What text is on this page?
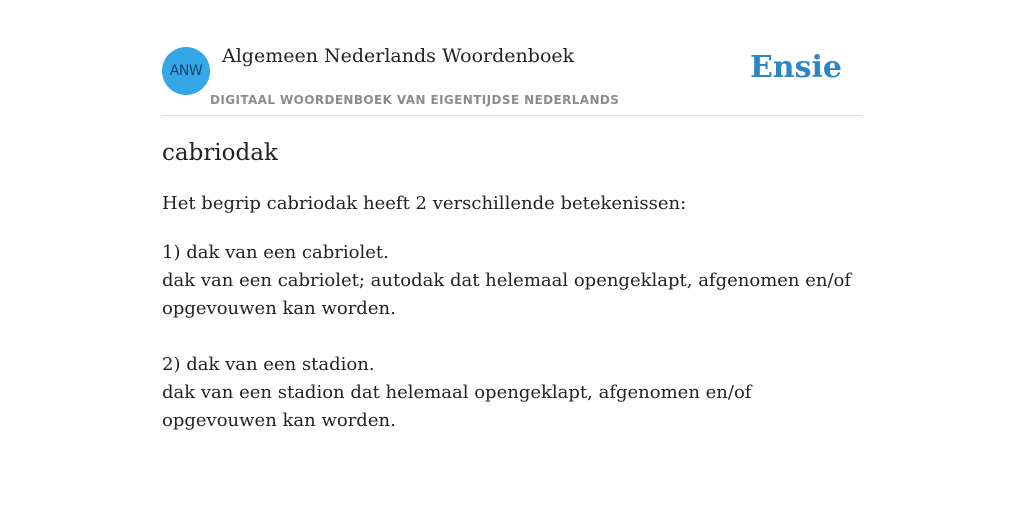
ANW
Algemeen Nederlands Woordenboek
DIGITAAL WOORDENBOEK VAN EIGENTIJDSE NEDERLANDS
Ensie
cabriodak

Het begrip cabriodak heeft 2 verschillende betekenissen:

1) dak van een cabriolet.
dak van een cabriolet; autodak dat helemaal opengeklapt, afgenomen en/of opgevouwen kan worden.
2) dak van een stadion.
dak van een stadion dat helemaal opengeklapt, afgenomen en/of opgevouwen kan worden.
